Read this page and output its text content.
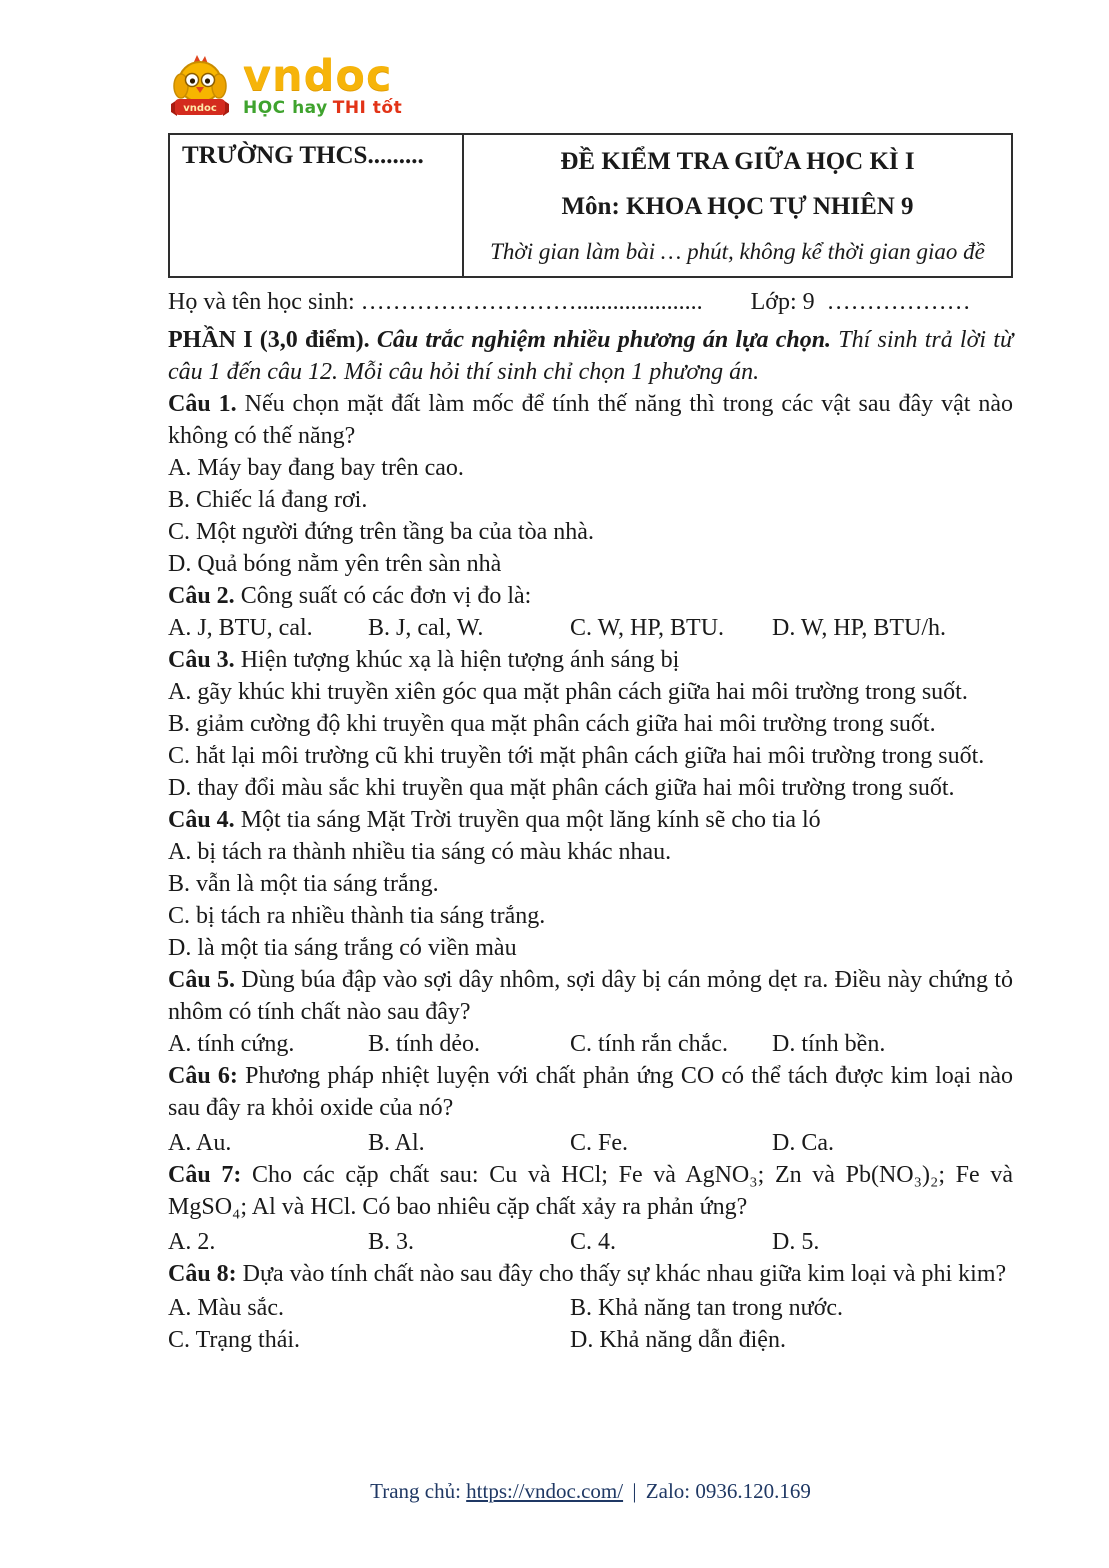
vndoc
vndoc
HỌC hay THI tốt
TRƯỜNG THCS.........	ĐỀ KIỂM TRA GIỮA HỌC KÌ I
Môn: KHOA HỌC TỰ NHIÊN 9
Thời gian làm bài … phút, không kể thời gian giao đề
Họ và tên học sinh: ………………………..................... Lớp: 9 ………………

PHẦN I (3,0 điểm). Câu trắc nghiệm nhiều phương án lựa chọn. Thí sinh trả lời từ câu 1 đến câu 12. Mỗi câu hỏi thí sinh chỉ chọn 1 phương án.

Câu 1. Nếu chọn mặt đất làm mốc để tính thế năng thì trong các vật sau đây vật nào không có thế năng?

A. Máy bay đang bay trên cao.
B. Chiếc lá đang rơi.
C. Một người đứng trên tầng ba của tòa nhà.
D. Quả bóng nằm yên trên sàn nhà

Câu 2. Công suất có các đơn vị đo là:

A. J, BTU, cal.	B. J, cal, W.	C. W, HP, BTU.	D. W, HP, BTU/h.

Câu 3. Hiện tượng khúc xạ là hiện tượng ánh sáng bị

A. gãy khúc khi truyền xiên góc qua mặt phân cách giữa hai môi trường trong suốt.
B. giảm cường độ khi truyền qua mặt phân cách giữa hai môi trường trong suốt.
C. hắt lại môi trường cũ khi truyền tới mặt phân cách giữa hai môi trường trong suốt.
D. thay đổi màu sắc khi truyền qua mặt phân cách giữa hai môi trường trong suốt.

Câu 4. Một tia sáng Mặt Trời truyền qua một lăng kính sẽ cho tia ló

A. bị tách ra thành nhiều tia sáng có màu khác nhau.
B. vẫn là một tia sáng trắng.
C. bị tách ra nhiều thành tia sáng trắng.
D. là một tia sáng trắng có viền màu

Câu 5. Dùng búa đập vào sợi dây nhôm, sợi dây bị cán mỏng dẹt ra. Điều này chứng tỏ nhôm có tính chất nào sau đây?

A. tính cứng.	B. tính dẻo.	C. tính rắn chắc.	D. tính bền.

Câu 6: Phương pháp nhiệt luyện với chất phản ứng CO có thể tách được kim loại nào sau đây ra khỏi oxide của nó?

A. Au.	B. Al.	C. Fe.	D. Ca.

Câu 7: Cho các cặp chất sau: Cu và HCl; Fe và AgNO₃; Zn và Pb(NO₃)₂; Fe và MgSO₄; Al và HCl. Có bao nhiêu cặp chất xảy ra phản ứng?

A. 2.	B. 3.	C. 4.	D. 5.

Câu 8: Dựa vào tính chất nào sau đây cho thấy sự khác nhau giữa kim loại và phi kim?

A. Màu sắc.	B. Khả năng tan trong nước.
C. Trạng thái.	D. Khả năng dẫn điện.
Trang chủ: https://vndoc.com/ | Zalo: 0936.120.169
